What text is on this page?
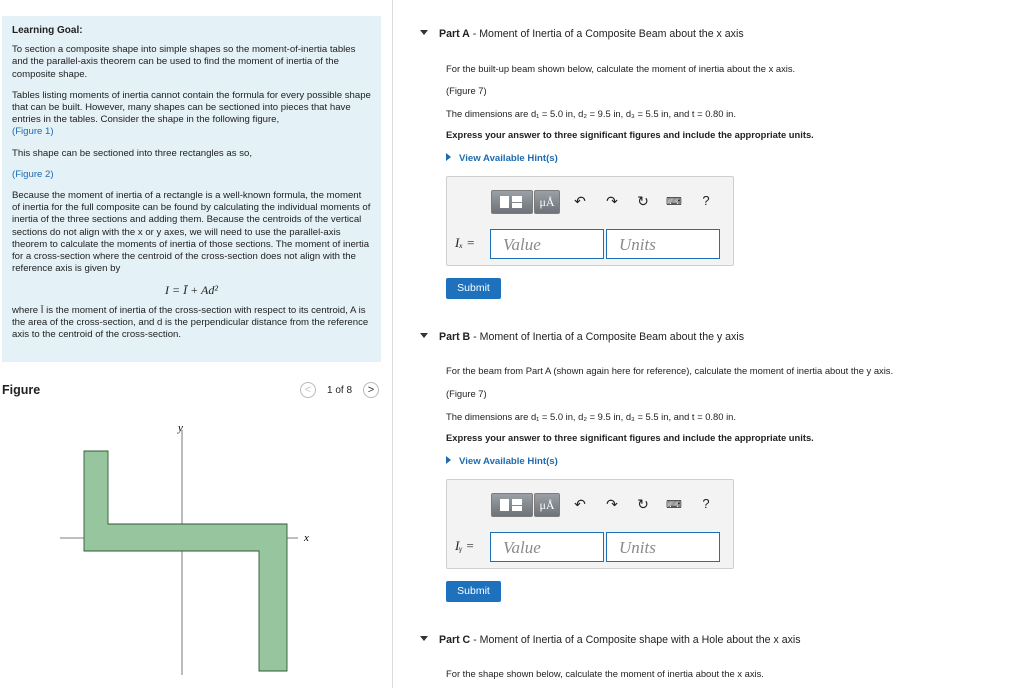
Learning Goal:

To section a composite shape into simple shapes so the moment-of-inertia tables and the parallel-axis theorem can be used to find the moment of inertia of the composite shape.

Tables listing moments of inertia cannot contain the formula for every possible shape that can be built. However, many shapes can be sectioned into pieces that have entries in the tables. Consider the shape in the following figure,
(Figure 1)

This shape can be sectioned into three rectangles as so,

(Figure 2)

Because the moment of inertia of a rectangle is a well-known formula, the moment of inertia for the full composite can be found by calculating the individual moments of inertia of the three sections and adding them. Because the centroids of the vertical sections do not align with the x or y axes, we will need to use the parallel-axis theorem to calculate the moments of inertia of those sections. The moment of inertia for a cross-section where the centroid of the cross-section does not align with the reference axis is given by

I = Ī + Ad²

where Ī is the moment of inertia of the cross-section with respect to its centroid, A is the area of the cross-section, and d is the perpendicular distance from the reference axis to the centroid of the cross-section.

Figure	<	1 of 8	>
y
x
Part A - Moment of Inertia of a Composite Beam about the x axis
For the built-up beam shown below, calculate the moment of inertia about the x axis.
(Figure 7)
The dimensions are d₁ = 5.0 in, d₂ = 9.5 in, d₃ = 5.5 in, and t = 0.80 in.
Express your answer to three significant figures and include the appropriate units.
View Available Hint(s)
μÅ	↶ ↷ ↻ ⌨	?
Iₓ =	Value	Units
Submit
Part B - Moment of Inertia of a Composite Beam about the y axis
For the beam from Part A (shown again here for reference), calculate the moment of inertia about the y axis.
(Figure 7)
The dimensions are d₁ = 5.0 in, d₂ = 9.5 in, d₃ = 5.5 in, and t = 0.80 in.
Express your answer to three significant figures and include the appropriate units.
View Available Hint(s)
μÅ	↶ ↷ ↻ ⌨	?
Iᵧ =	Value	Units
Submit
Part C - Moment of Inertia of a Composite shape with a Hole about the x axis
For the shape shown below, calculate the moment of inertia about the x axis.
